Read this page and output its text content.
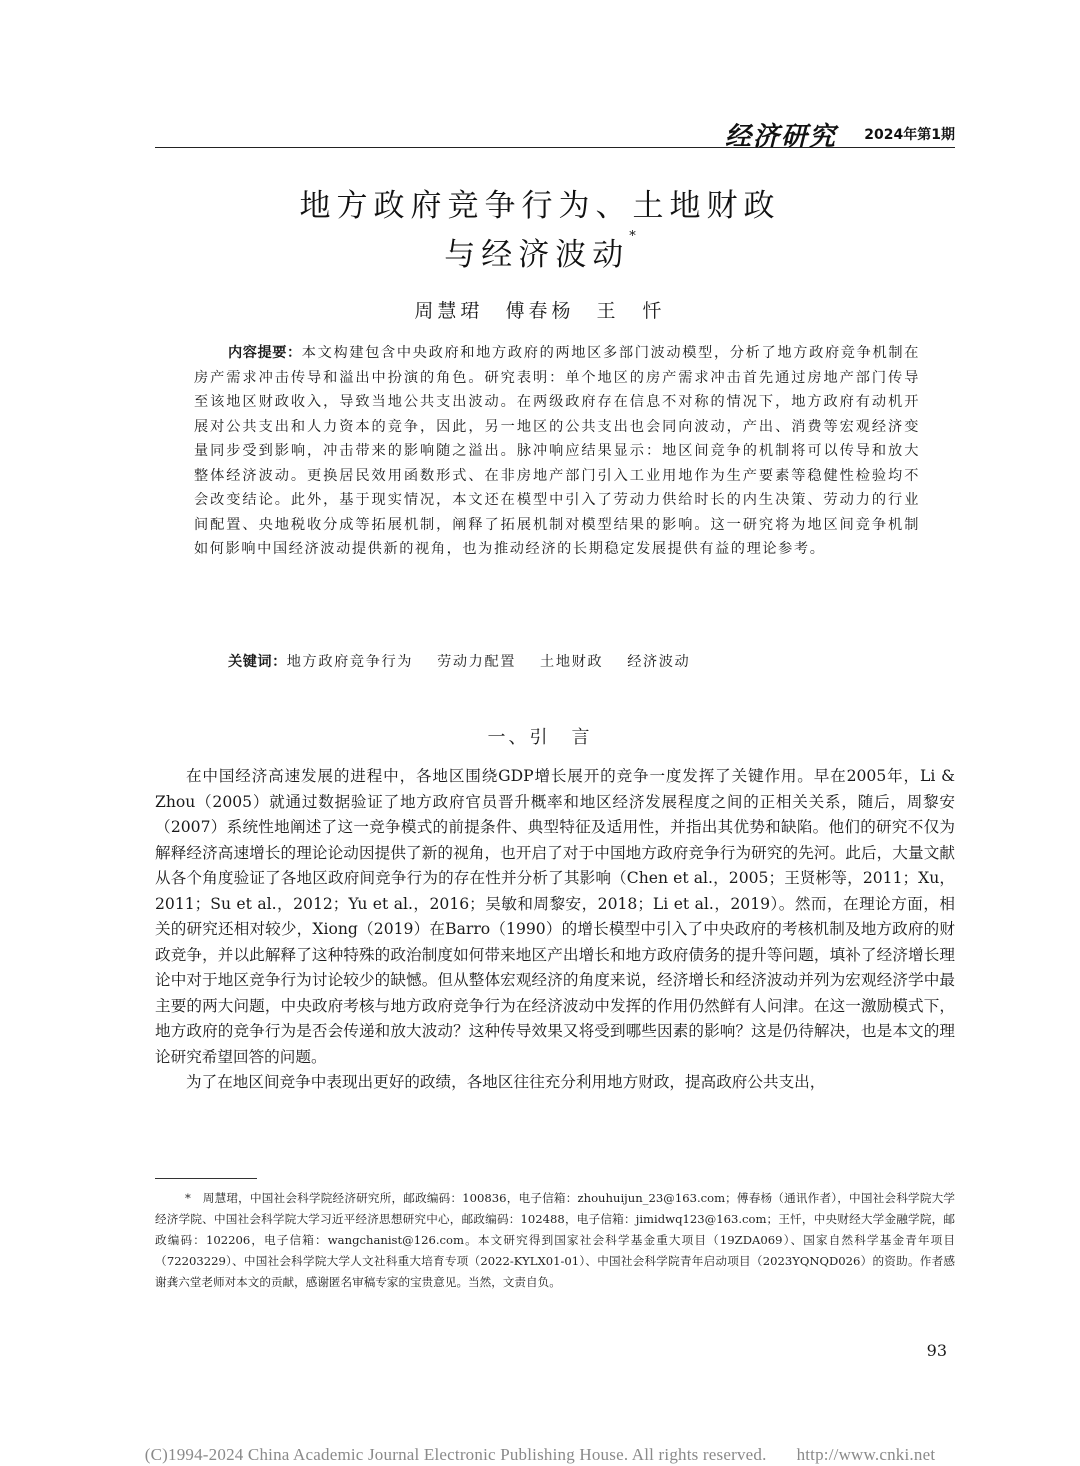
经济研究 2024年第1期
地方政府竞争行为、土地财政
与经济波动*
周慧珺 傅春杨 王　忏
内容提要：本文构建包含中央政府和地方政府的两地区多部门波动模型，分析了地方政府竞争机制在房产需求冲击传导和溢出中扮演的角色。研究表明：单个地区的房产需求冲击首先通过房地产部门传导至该地区财政收入，导致当地公共支出波动。在两级政府存在信息不对称的情况下，地方政府有动机开展对公共支出和人力资本的竞争，因此，另一地区的公共支出也会同向波动，产出、消费等宏观经济变量同步受到影响，冲击带来的影响随之溢出。脉冲响应结果显示：地区间竞争的机制将可以传导和放大整体经济波动。更换居民效用函数形式、在非房地产部门引入工业用地作为生产要素等稳健性检验均不会改变结论。此外，基于现实情况，本文还在模型中引入了劳动力供给时长的内生决策、劳动力的行业间配置、央地税收分成等拓展机制，阐释了拓展机制对模型结果的影响。这一研究将为地区间竞争机制如何影响中国经济波动提供新的视角，也为推动经济的长期稳定发展提供有益的理论参考。
关键词：地方政府竞争行为 劳动力配置 土地财政 经济波动
一、引　言

在中国经济高速发展的进程中，各地区围绕GDP增长展开的竞争一度发挥了关键作用。早在2005年，Li & Zhou（2005）就通过数据验证了地方政府官员晋升概率和地区经济发展程度之间的正相关关系，随后，周黎安（2007）系统性地阐述了这一竞争模式的前提条件、典型特征及适用性，并指出其优势和缺陷。他们的研究不仅为解释经济高速增长的理论论动因提供了新的视角，也开启了对于中国地方政府竞争行为研究的先河。此后，大量文献从各个角度验证了各地区政府间竞争行为的存在性并分析了其影响（Chen et al.，2005；王贤彬等，2011；Xu，2011；Su et al.，2012；Yu et al.，2016；吴敏和周黎安，2018；Li et al.，2019）。然而，在理论方面，相关的研究还相对较少，Xiong（2019）在Barro（1990）的增长模型中引入了中央政府的考核机制及地方政府的财政竞争，并以此解释了这种特殊的政治制度如何带来地区产出增长和地方政府债务的提升等问题，填补了经济增长理论中对于地区竞争行为讨论较少的缺憾。但从整体宏观经济的角度来说，经济增长和经济波动并列为宏观经济学中最主要的两大问题，中央政府考核与地方政府竞争行为在经济波动中发挥的作用仍然鲜有人问津。在这一激励模式下，地方政府的竞争行为是否会传递和放大波动？这种传导效果又将受到哪些因素的影响？这是仍待解决，也是本文的理论研究希望回答的问题。

为了在地区间竞争中表现出更好的政绩，各地区往往充分利用地方财政，提高政府公共支出，

*　周慧珺，中国社会科学院经济研究所，邮政编码：100836，电子信箱：zhouhuijun_23@163.com；傅春杨（通讯作者），中国社会科学院大学经济学院、中国社会科学院大学习近平经济思想研究中心，邮政编码：102488，电子信箱：jimidwq123@163.com；王忏，中央财经大学金融学院，邮政编码：102206，电子信箱：wangchanist@126.com。本文研究得到国家社会科学基金重大项目（19ZDA069）、国家自然科学基金青年项目（72203229）、中国社会科学院大学人文社科重大培育专项（2022-KYLX01-01）、中国社会科学院青年启动项目（2023YQNQD026）的资助。作者感谢龚六堂老师对本文的贡献，感谢匿名审稿专家的宝贵意见。当然，文责自负。

93
(C)1994-2024 China Academic Journal Electronic Publishing House. All rights reserved. http://www.cnki.net
